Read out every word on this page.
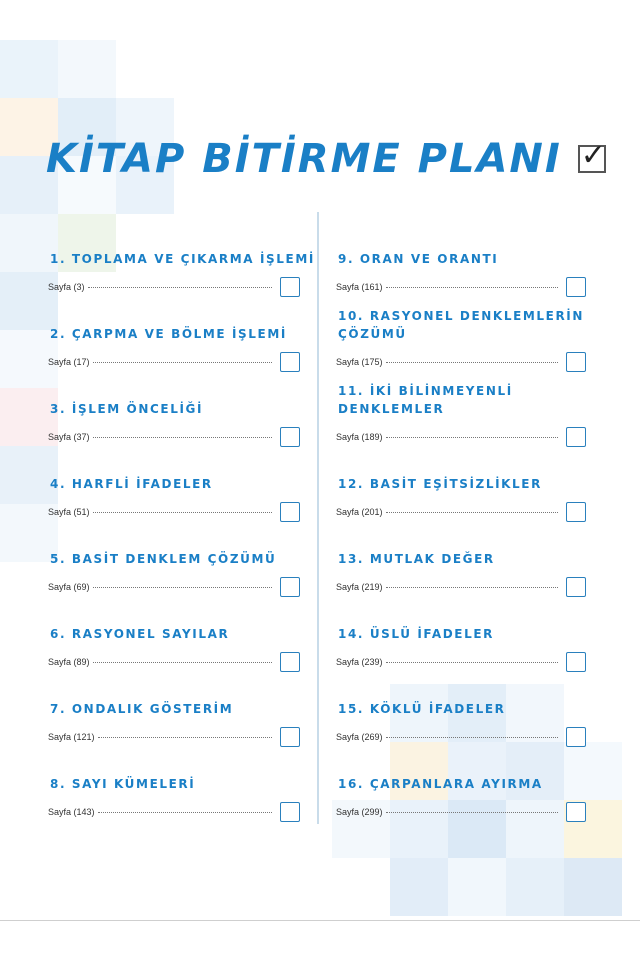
KİTAP BİTİRME PLANI ✓
1. TOPLAMA VE ÇIKARMA İŞLEMİ
Sayfa (3)
2. ÇARPMA VE BÖLME İŞLEMİ
Sayfa (17)
3. İŞLEM ÖNCELİĞİ
Sayfa (37)
4. HARFLİ İFADELER
Sayfa (51)
5. BASİT DENKLEM ÇÖZÜMÜ
Sayfa (69)
6. RASYONEL SAYILAR
Sayfa (89)
7. ONDALIK GÖSTERİM
Sayfa (121)
8. SAYI KÜMELERİ
Sayfa (143)
9. ORAN VE ORANTI
Sayfa (161)
10. RASYONEL DENKLEMLERİN ÇÖZÜMÜ
Sayfa (175)
11. İKİ BİLİNMEYENLİ DENKLEMLER
Sayfa (189)
12. BASİT EŞİTSİZLİKLER
Sayfa (201)
13. MUTLAK DEĞER
Sayfa (219)
14. ÜSLÜ İFADELER
Sayfa (239)
15. KÖKLÜ İFADELER
Sayfa (269)
16. ÇARPANLARA AYIRMA
Sayfa (299)
